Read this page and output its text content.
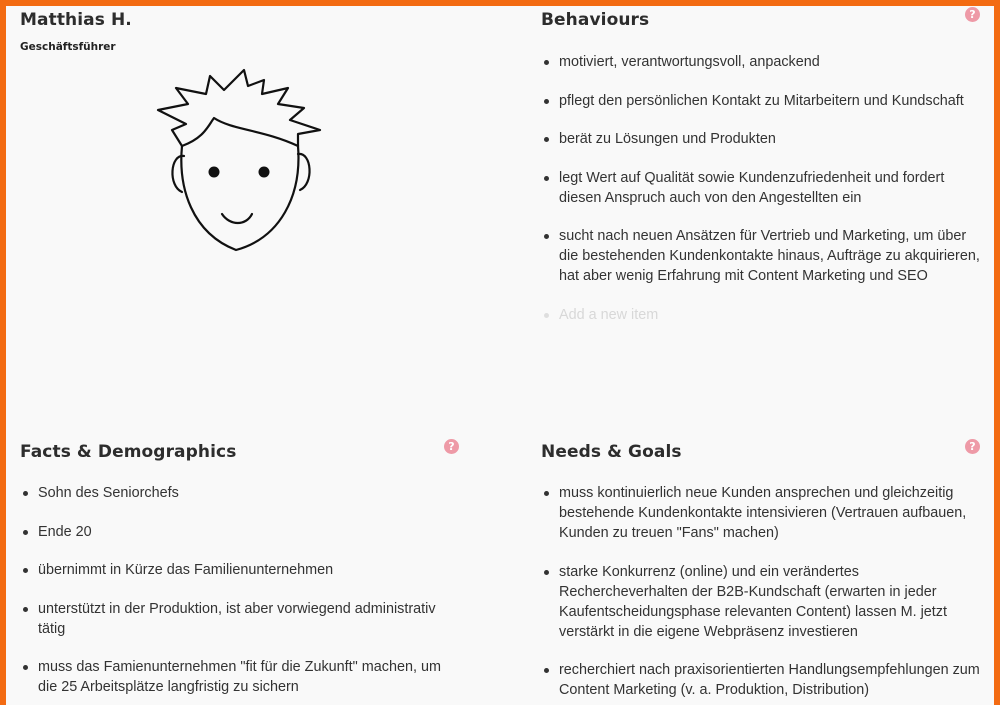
Matthias H.
Geschäftsführer
Behaviours
motiviert, verantwortungsvoll, anpackend
pflegt den persönlichen Kontakt zu Mitarbeitern und Kundschaft
berät zu Lösungen und Produkten
legt Wert auf Qualität sowie Kundenzufriedenheit und fordert diesen Anspruch auch von den Angestellten ein
sucht nach neuen Ansätzen für Vertrieb und Marketing, um über die bestehenden Kundenkontakte hinaus, Aufträge zu akquirieren, hat aber wenig Erfahrung mit Content Marketing und SEO
Add a new item
?
Facts & Demographics
Sohn des Seniorchefs
Ende 20
übernimmt in Kürze das Familienunternehmen
unterstützt in der Produktion, ist aber vorwiegend administrativ tätig
muss das Famienunternehmen "fit für die Zukunft" machen, um die 25 Arbeitsplätze langfristig zu sichern
?	Needs & Goals
muss kontinuierlich neue Kunden ansprechen und gleichzeitig bestehende Kundenkontakte intensivieren (Vertrauen aufbauen, Kunden zu treuen "Fans" machen)
starke Konkurrenz (online) und ein verändertes Rechercheverhalten der B2B-Kundschaft (erwarten in jeder Kaufentscheidungsphase relevanten Content) lassen M. jetzt verstärkt in die eigene Webpräsenz investieren
recherchiert nach praxisorientierten Handlungsempfehlungen zum Content Marketing (v. a. Produktion, Distribution)
?
